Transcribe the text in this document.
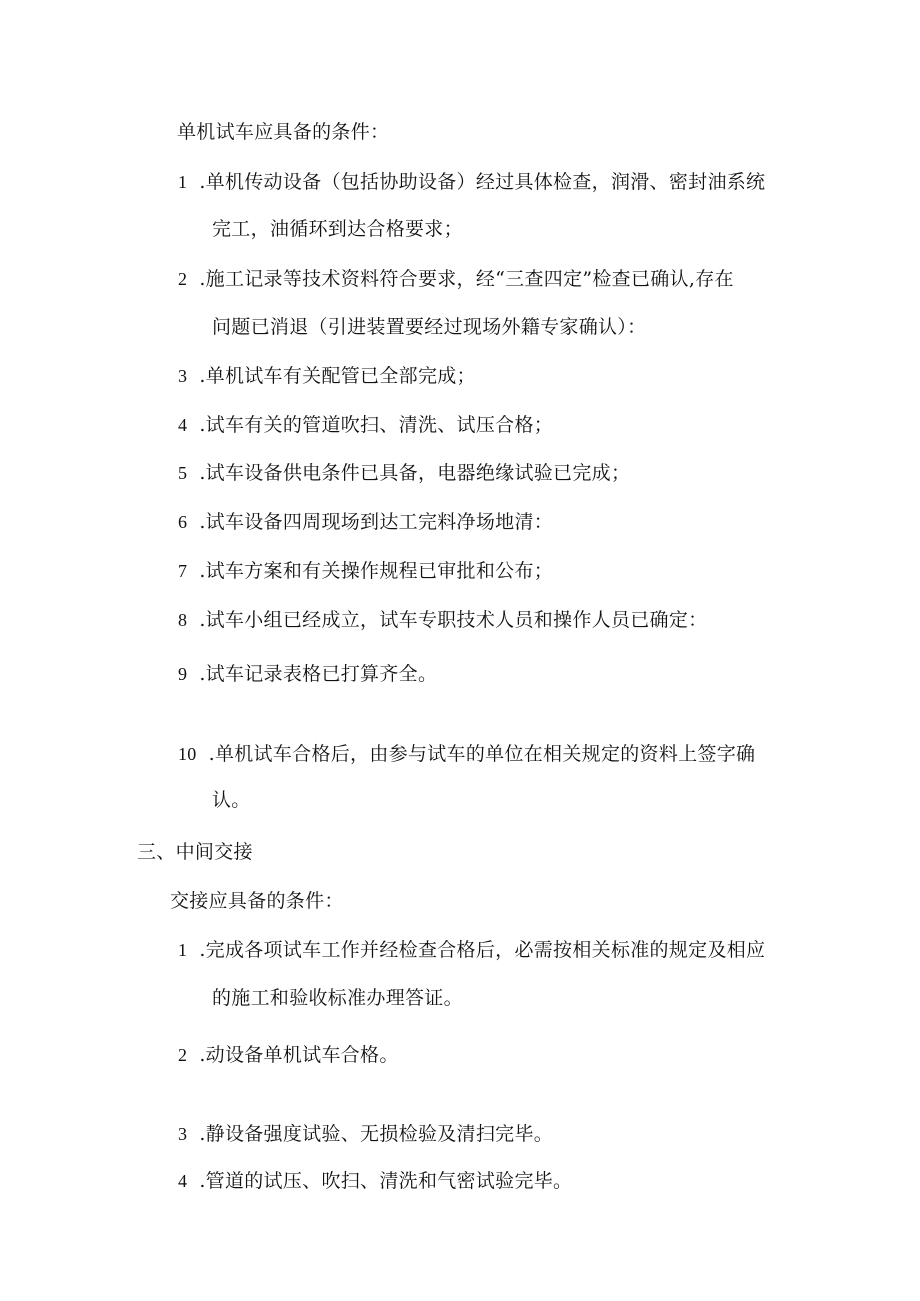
单机试车应具备的条件：
1 .单机传动设备（包括协助设备）经过具体检查，润滑、密封油系统
完工，油循环到达合格要求；
2 .施工记录等技术资料符合要求，经“三查四定”检查已确认,存在
问题已消退（引进装置要经过现场外籍专家确认）：
3 .单机试车有关配管已全部完成；
4 .试车有关的管道吹扫、清洗、试压合格；
5 .试车设备供电条件已具备，电器绝缘试验已完成；
6 .试车设备四周现场到达工完料净场地清：
7 .试车方案和有关操作规程已审批和公布；
8 .试车小组已经成立，试车专职技术人员和操作人员已确定：
9 .试车记录表格已打算齐全。
10 .单机试车合格后，由参与试车的单位在相关规定的资料上签字确
认。
三、中间交接
交接应具备的条件：
1 .完成各项试车工作并经检查合格后，必需按相关标准的规定及相应
的施工和验收标准办理答证。
2 .动设备单机试车合格。
3 .静设备强度试验、无损检验及清扫完毕。
4 .管道的试压、吹扫、清洗和气密试验完毕。
